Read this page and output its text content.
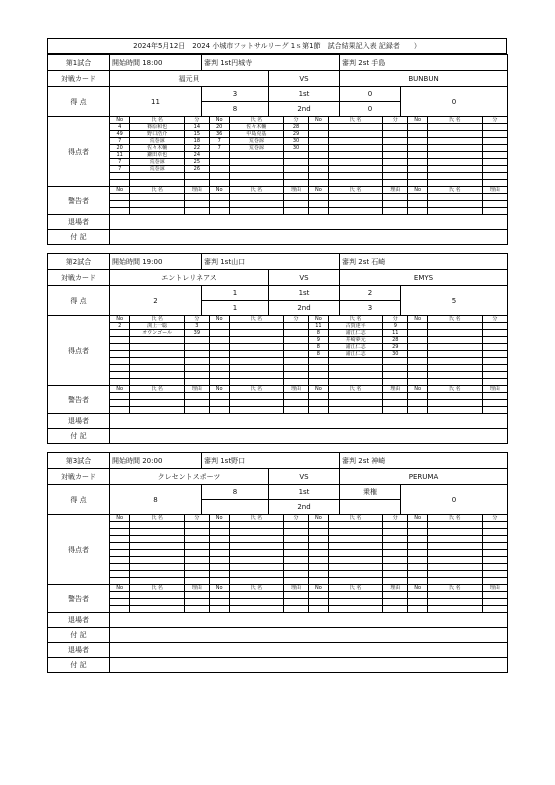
2024年5月12日　2024 小城市フットサルリーグ 1ｓ第1節　試合結果記入表 記録者　　）
第1試合	開始時間 18:00	審判 1st円城寺	審判 2st 手島
対戦カード	福元貝	VS	BUNBUN
得 点	11	3	1st	0	0
8	2nd	0
得点者	
No	氏 名	分	No	氏 名	分	No	氏 名	分	No	氏 名	分
4	篠原和也	14	20	佐々木輔	28						
49	野口浩介	15	36	中島克基	29						
7	荒巻諒	18	7	荒巻諒	30						
20	佐々木輔	22	7	荒巻諒	30						
11	鎌田卓也	24									
7	荒巻諒	25									
7	荒巻諒	26									

警告者	
No	氏 名	理由	No	氏 名	理由	No	氏 名	理由	No	氏 名	理由

退場者	
付 記	
第2試合	開始時間 19:00	審判 1st山口	審判 2st 石崎
対戦カード	エントレリネアス	VS	EMYS
得 点	2	1	1st	2	5
1	2nd	3
得点者	
No	氏 名	分	No	氏 名	分	No	氏 名	分	No	氏 名	分
2	渕上一聡	3				11	古賀達平	9			
	オウンゴール	39				8	諸江仁志	11			
						9	井崎夢元	28			
						8	諸江仁志	29			
						8	諸江仁志	30			

警告者	
No	氏 名	理由	No	氏 名	理由	No	氏 名	理由	No	氏 名	理由

退場者	
付 記	
第3試合	開始時間 20:00	審判 1st野口	審判 2st 神崎
対戦カード	クレセントスポーツ	VS	PERUMA
得 点	8	8	1st	乗権	0
	2nd	
得点者	
No	氏 名	分	No	氏 名	分	No	氏 名	分	No	氏 名	分

警告者	
No	氏 名	理由	No	氏 名	理由	No	氏 名	理由	No	氏 名	理由

退場者	
付 記	
退場者	
付 記	
